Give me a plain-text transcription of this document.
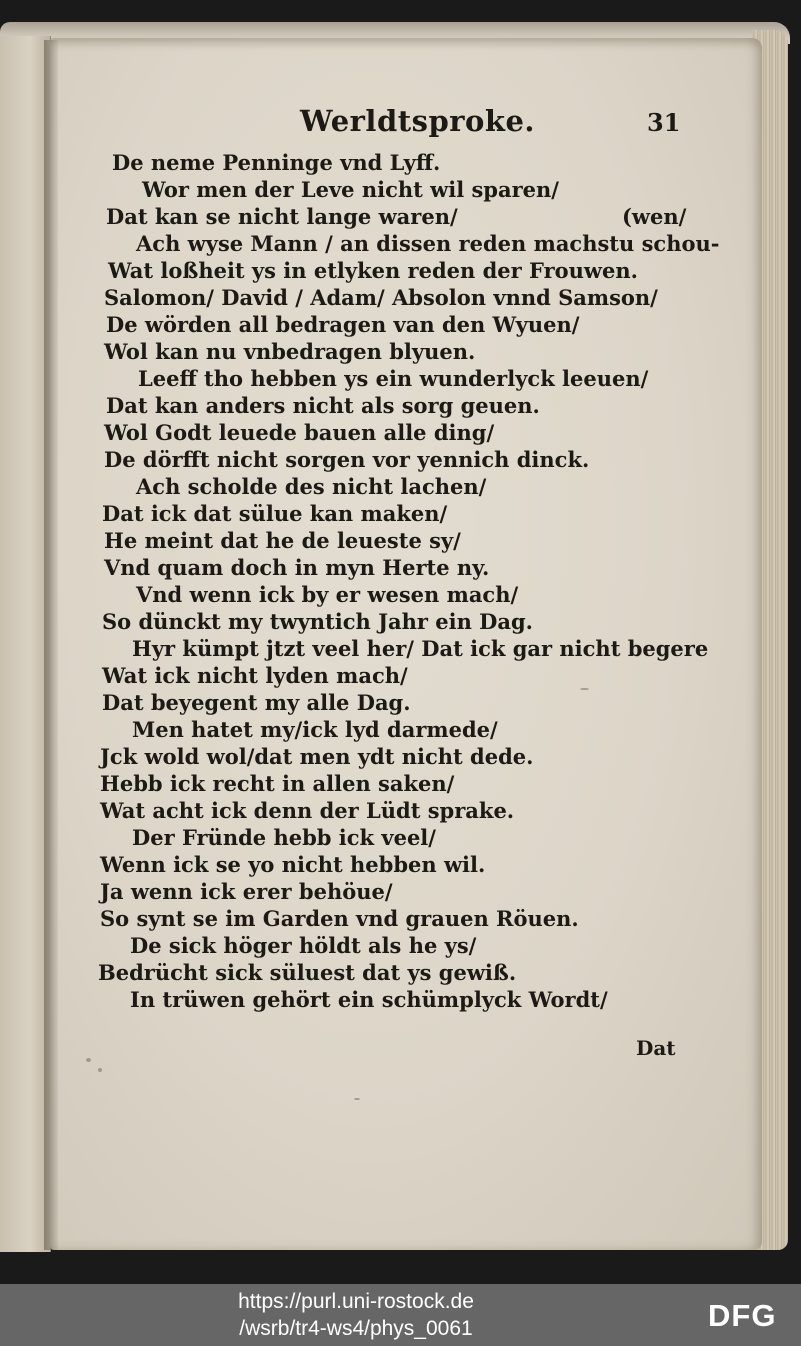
Werldtsproke.	31
De neme Penninge vnd Lyff.
Wor men der Leve nicht wil sparen/
Dat kan se nicht lange waren/	(wen/
Ach wyse Mann / an dissen reden machstu schou-
Wat loßheit ys in etlyken reden der Frouwen.
Salomon/ David / Adam/ Absolon vnnd Samson/
De wörden all bedragen van den Wyuen/
Wol kan nu vnbedragen blyuen.
Leeff tho hebben ys ein wunderlyck leeuen/
Dat kan anders nicht als sorg geuen.
Wol Godt leuede bauen alle ding/
De dörfft nicht sorgen vor yennich dinck.
Ach scholde des nicht lachen/
Dat ick dat sülue kan maken/
He meint dat he de leueste sy/
Vnd quam doch in myn Herte ny.
Vnd wenn ick by er wesen mach/
So dünckt my twyntich Jahr ein Dag.
Hyr kümpt jtzt veel her/ Dat ick gar nicht begere
Wat ick nicht lyden mach/
Dat beyegent my alle Dag.
Men hatet my/ick lyd darmede/
Jck wold wol/dat men ydt nicht dede.
Hebb ick recht in allen saken/
Wat acht ick denn der Lüdt sprake.
Der Fründe hebb ick veel/
Wenn ick se yo nicht hebben wil.
Ja wenn ick erer behöue/
So synt se im Garden vnd grauen Röuen.
De sick höger höldt als he ys/
Bedrücht sick süluest dat ys gewiß.
In trüwen gehört ein schümplyck Wordt/
Dat
https://purl.uni-rostock.de
/wsrb/tr4-ws4/phys_0061	DFG
